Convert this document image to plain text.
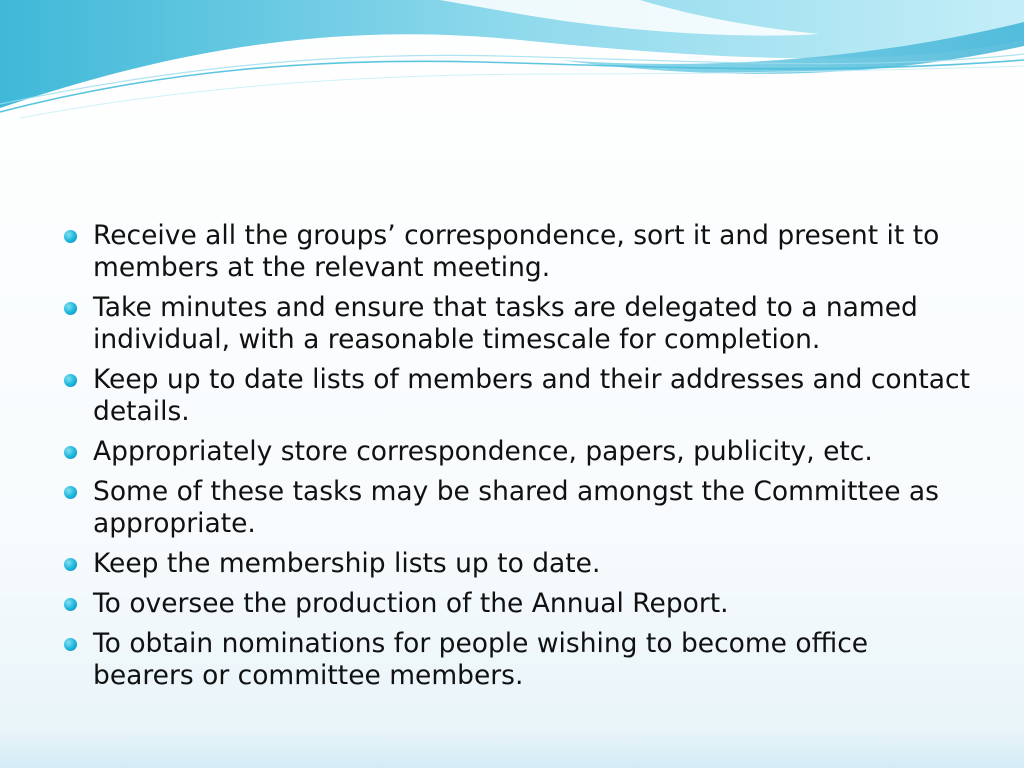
Receive all the groups’ correspondence, sort it and present it to members at the relevant meeting.
Take minutes and ensure that tasks are delegated to a named individual, with a reasonable timescale for completion.
Keep up to date lists of members and their addresses and contact details.
Appropriately store correspondence, papers, publicity, etc.
Some of these tasks may be shared amongst the Committee as appropriate.
Keep the membership lists up to date.
To oversee the production of the Annual Report.
To obtain nominations for people wishing to become office bearers or committee members.
